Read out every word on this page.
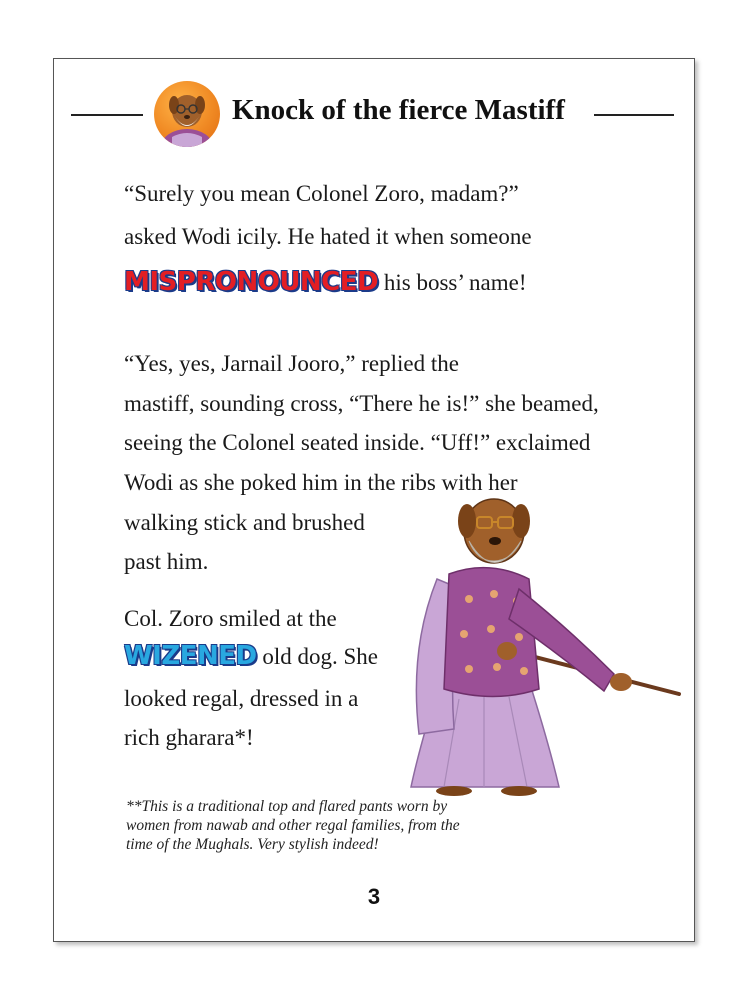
Knock of the fierce Mastiff
“Surely you mean Colonel Zoro, madam?”
asked Wodi icily. He hated it when someone
MISPRONOUNCED his boss’ name!
“Yes, yes, Jarnail Jooro,” replied the
mastiff, sounding cross, “There he is!” she beamed,
seeing the Colonel seated inside. “Uff!” exclaimed
Wodi as she poked him in the ribs with her
walking stick and brushed
past him.
Col. Zoro smiled at the
WIZENED old dog. She
looked regal, dressed in a
rich gharara*!
**This is a traditional top and flared pants worn by
women from nawab and other regal families, from the
time of the Mughals. Very stylish indeed!
3
